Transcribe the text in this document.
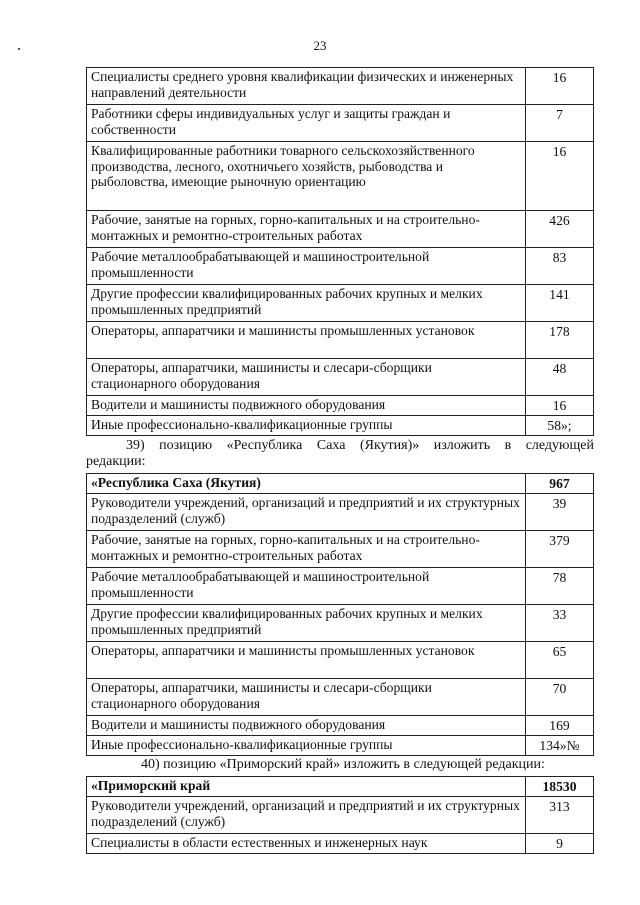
23
Специалисты среднего уровня квалификации физических и инженерных направлений деятельности	16
Работники сферы индивидуальных услуг и защиты граждан и собственности	7
Квалифицированные работники товарного сельскохозяйственного производства, лесного, охотничьего хозяйств, рыбоводства и рыболовства, имеющие рыночную ориентацию	16
Рабочие, занятые на горных, горно-капитальных и на строительно-монтажных и ремонтно-строительных работах	426
Рабочие металлообрабатывающей и машиностроительной промышленности	83
Другие профессии квалифицированных рабочих крупных и мелких промышленных предприятий	141
Операторы, аппаратчики и машинисты промышленных установок	178
Операторы, аппаратчики, машинисты и слесари-сборщики стационарного оборудования	48
Водители и машинисты подвижного оборудования	16
Иные профессионально-квалификационные группы	58»;
39) позицию «Республика Саха (Якутия)» изложить в следующей редакции:
«Республика Саха (Якутия)	967
Руководители учреждений, организаций и предприятий и их структурных подразделений (служб)	39
Рабочие, занятые на горных, горно-капитальных и на строительно-монтажных и ремонтно-строительных работах	379
Рабочие металлообрабатывающей и машиностроительной промышленности	78
Другие профессии квалифицированных рабочих крупных и мелких промышленных предприятий	33
Операторы, аппаратчики и машинисты промышленных установок	65
Операторы, аппаратчики, машинисты и слесари-сборщики стационарного оборудования	70
Водители и машинисты подвижного оборудования	169
Иные профессионально-квалификационные группы	134»№
40) позицию «Приморский край» изложить в следующей редакции:
«Приморский край	18530
Руководители учреждений, организаций и предприятий и их структурных подразделений (служб)	313
Специалисты в области естественных и инженерных наук	9
